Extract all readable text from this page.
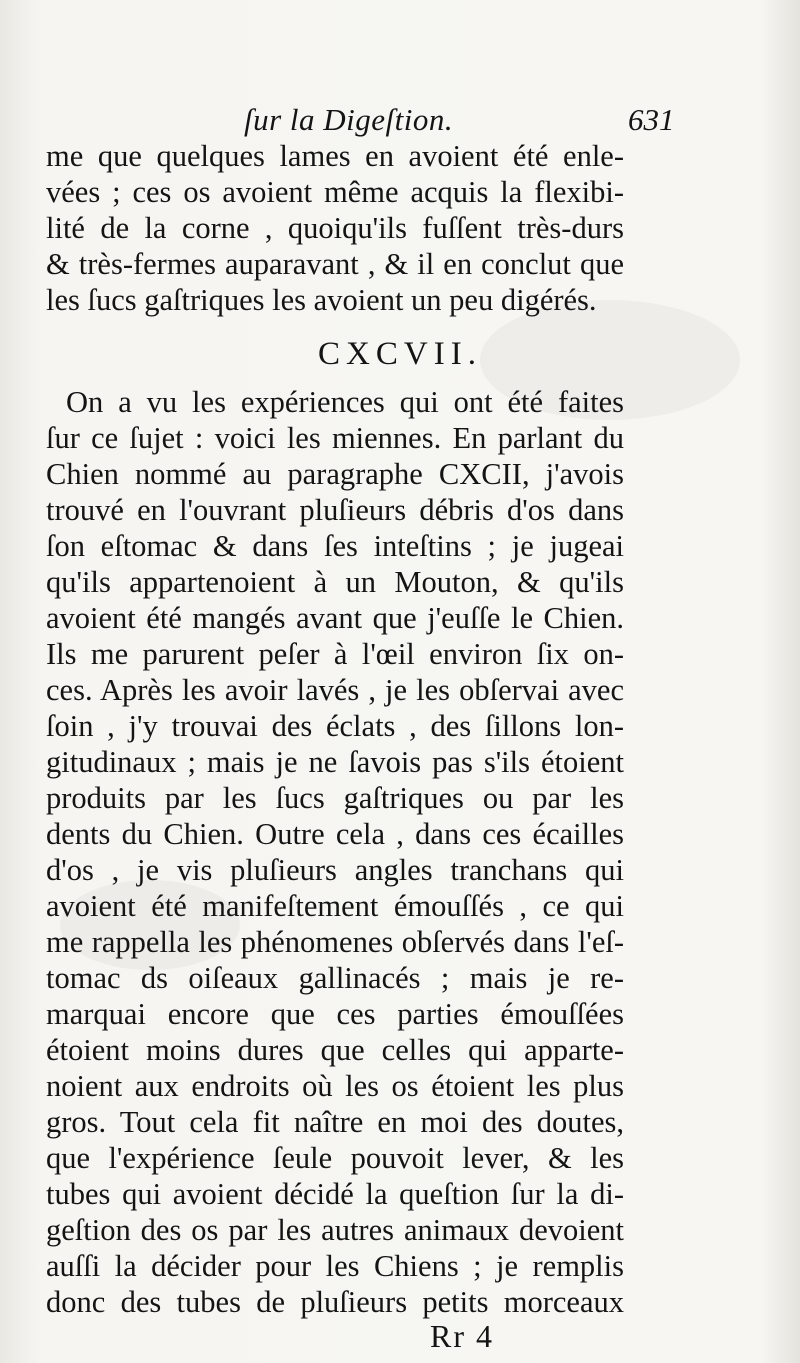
ſur la Digeſtion.	631
me que quelques lames en avoient été enle-
vées ; ces os avoient même acquis la flexibi-
lité de la corne , quoiqu'ils fuſſent très-durs
& très-fermes auparavant , & il en conclut que
les ſucs gaſtriques les avoient un peu digérés.
CXCVII.
On a vu les expériences qui ont été faites
ſur ce ſujet : voici les miennes. En parlant du
Chien nommé au paragraphe CXCII, j'avois
trouvé en l'ouvrant pluſieurs débris d'os dans
ſon eſtomac & dans ſes inteſtins ; je jugeai
qu'ils appartenoient à un Mouton, & qu'ils
avoient été mangés avant que j'euſſe le Chien.
Ils me parurent peſer à l'œil environ ſix on-
ces. Après les avoir lavés , je les obſervai avec
ſoin , j'y trouvai des éclats , des ſillons lon-
gitudinaux ; mais je ne ſavois pas s'ils étoient
produits par les ſucs gaſtriques ou par les
dents du Chien. Outre cela , dans ces écailles
d'os , je vis pluſieurs angles tranchans qui
avoient été manifeſtement émouſſés , ce qui
me rappella les phénomenes obſervés dans l'eſ-
tomac ds oiſeaux gallinacés ; mais je re-
marquai encore que ces parties émouſſées
étoient moins dures que celles qui apparte-
noient aux endroits où les os étoient les plus
gros. Tout cela fit naître en moi des doutes,
que l'expérience ſeule pouvoit lever, & les
tubes qui avoient décidé la queſtion ſur la di-
geſtion des os par les autres animaux devoient
auſſi la décider pour les Chiens ; je remplis
donc des tubes de pluſieurs petits morceaux
Rr 4
